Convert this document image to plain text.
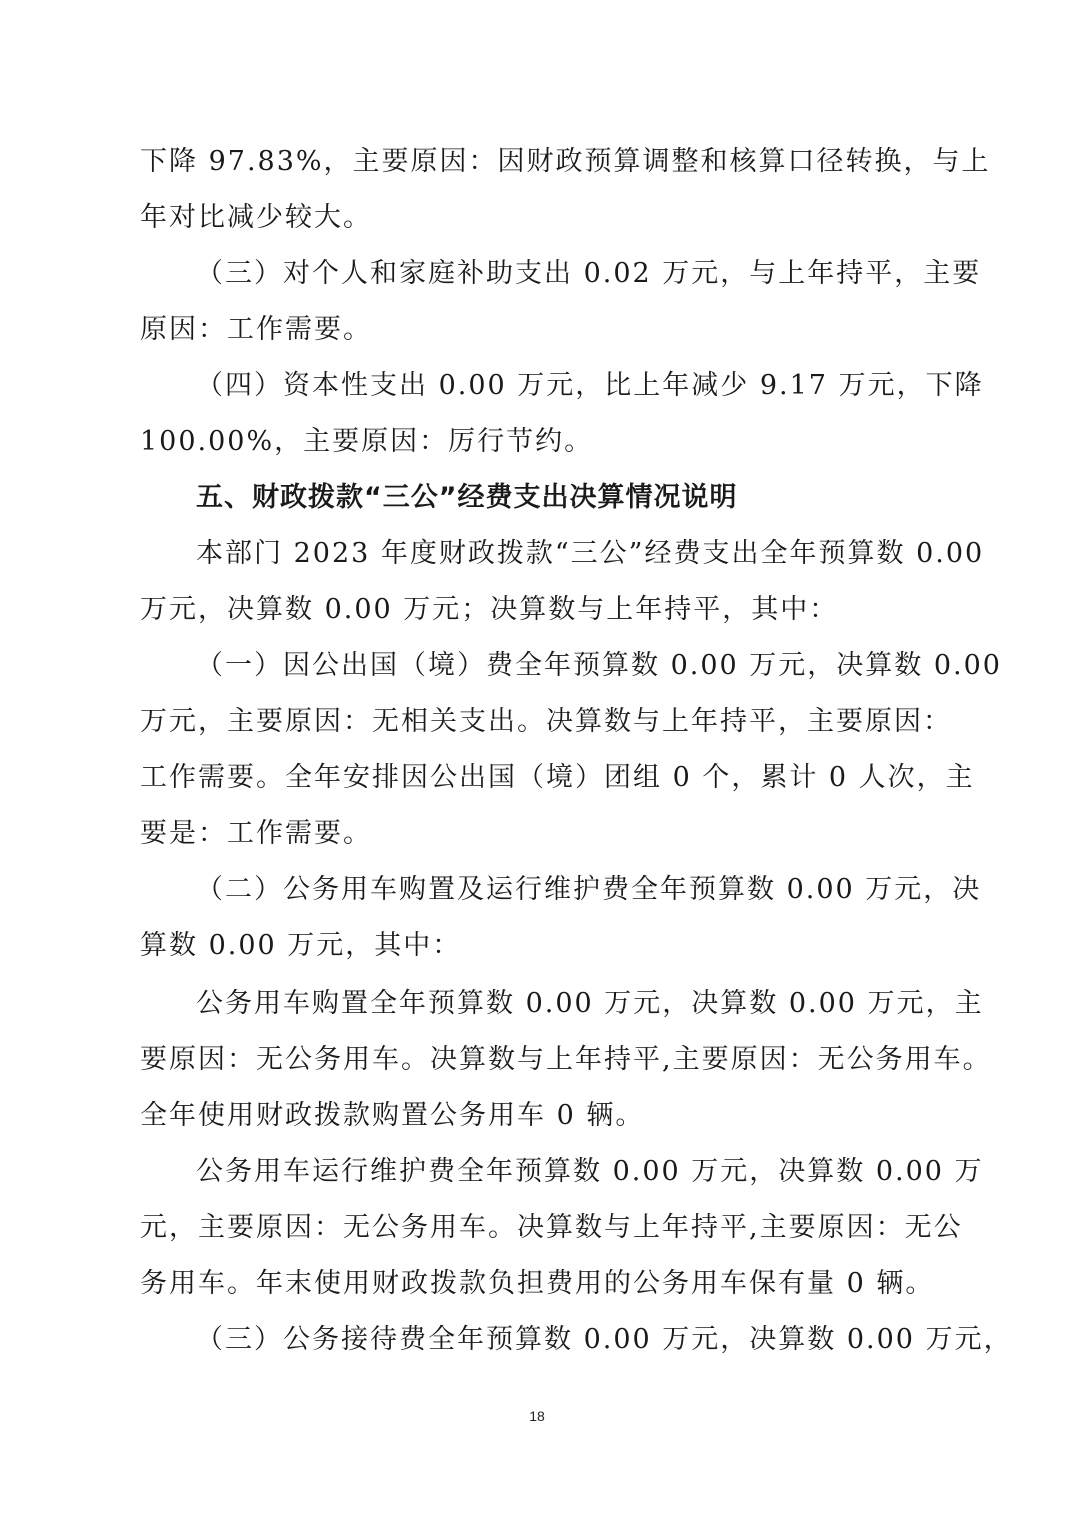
下降 97.83%，主要原因：因财政预算调整和核算口径转换，与上
年对比减少较大。
（三）对个人和家庭补助支出 0.02 万元，与上年持平，主要
原因：工作需要。
（四）资本性支出 0.00 万元，比上年减少 9.17 万元，下降
100.00%，主要原因：厉行节约。
五、财政拨款“三公”经费支出决算情况说明
本部门 2023 年度财政拨款“三公”经费支出全年预算数 0.00
万元，决算数 0.00 万元；决算数与上年持平，其中：
（一）因公出国（境）费全年预算数 0.00 万元，决算数 0.00
万元，主要原因：无相关支出。决算数与上年持平，主要原因：
工作需要。全年安排因公出国（境）团组 0 个，累计 0 人次，主
要是：工作需要。
（二）公务用车购置及运行维护费全年预算数 0.00 万元，决
算数 0.00 万元，其中：
公务用车购置全年预算数 0.00 万元，决算数 0.00 万元，主
要原因：无公务用车。决算数与上年持平,主要原因：无公务用车。
全年使用财政拨款购置公务用车 0 辆。
公务用车运行维护费全年预算数 0.00 万元，决算数 0.00 万
元，主要原因：无公务用车。决算数与上年持平,主要原因：无公
务用车。年末使用财政拨款负担费用的公务用车保有量 0 辆。
（三）公务接待费全年预算数 0.00 万元，决算数 0.00 万元，
18
